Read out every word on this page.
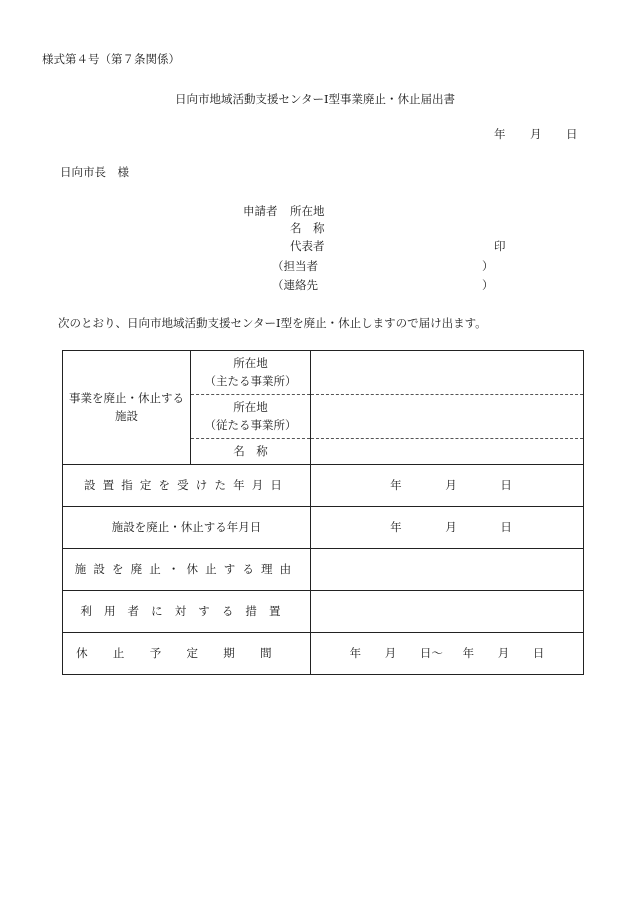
様式第４号（第７条関係）
日向市地域活動支援センターⅠ型事業廃止・休止届出書
年 月 日
日向市長　様
申請者 所在地
名　称
代表者	印
（担当者	）
（連絡先	）
次のとおり、日向市地域活動支援センターⅠ型を廃止・休止しますので届け出ます。
事業を廃止・休止する
施設	所在地
（主たる事業所）	
	所在地
（従たる事業所）	
	名　称	
設置指定を受けた年月日		年 月 日
施設を廃止・休止する年月日		年 月 日
施設を廃止・休止する理由		
利用者に対する措置		
休止予定期間		年 月 日～ 年 月 日
